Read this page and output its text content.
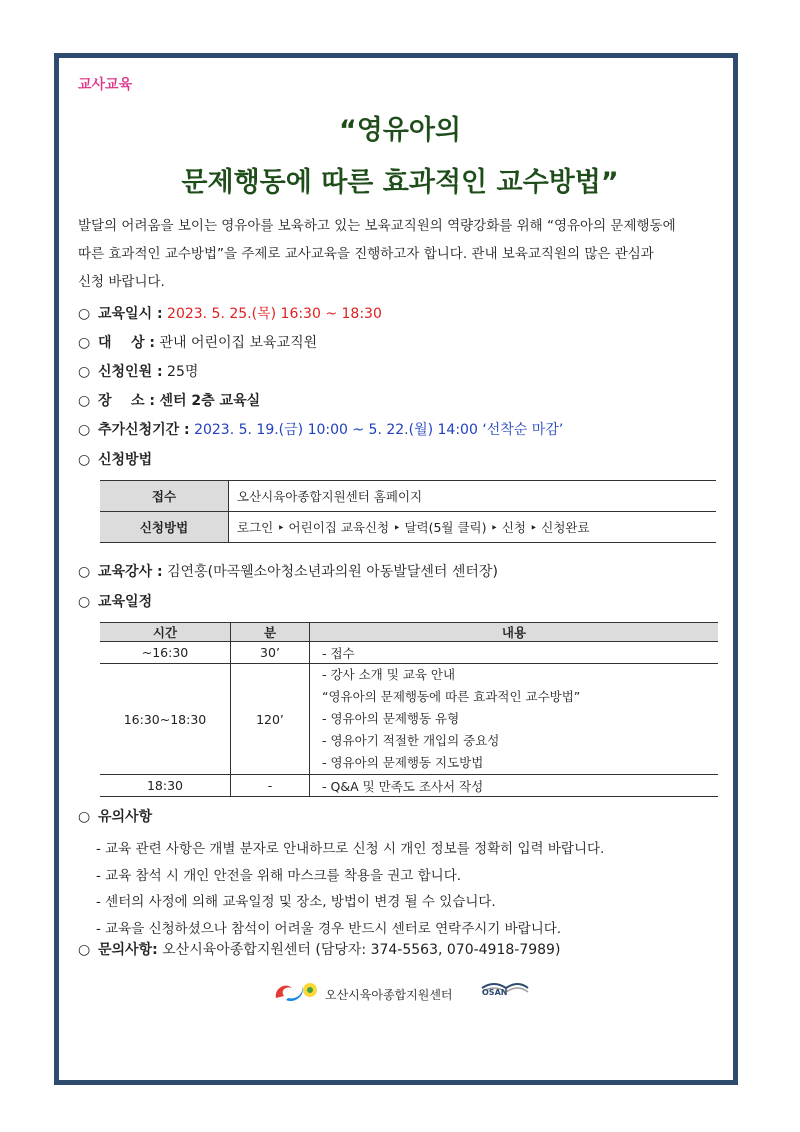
교사교육
“영유아의
문제행동에 따른 효과적인 교수방법”
발달의 어려움을 보이는 영유아를 보육하고 있는 보육교직원의 역량강화를 위해 “영유아의 문제행동에
따른 효과적인 교수방법”을 주제로 교사교육을 진행하고자 합니다. 관내 보육교직원의 많은 관심과
신청 바랍니다.
○ 교육일시 : 2023. 5. 25.(목) 16:30 ~ 18:30
○ 대    상 : 관내 어린이집 보육교직원
○ 신청인원 : 25명
○ 장    소 : 센터 2층 교육실
○ 추가신청기간 : 2023. 5. 19.(금) 10:00 ~ 5. 22.(월) 14:00 ‘선착순 마감’
○ 신청방법
접수	오산시육아종합지원센터 홈페이지
신청방법	로그인 ‣ 어린이집 교육신청 ‣ 달력(5월 클릭) ‣ 신청 ‣ 신청완료
○ 교육강사 : 김연홍(마곡웰소아청소년과의원 아동발달센터 센터장)
○ 교육일정
시간	분	내용
~16:30	30’	- 접수
16:30~18:30	120’	- 강사 소개 및 교육 안내
“영유아의 문제행동에 따른 효과적인 교수방법”
- 영유아의 문제행동 유형
- 영유아기 적절한 개입의 중요성
- 영유아의 문제행동 지도방법

18:30	-	- Q&A 및 만족도 조사서 작성
○ 유의사항
- 교육 관련 사항은 개별 분자로 안내하므로 신청 시 개인 정보를 정확히 입력 바랍니다.
- 교육 참석 시 개인 안전을 위해 마스크를 착용을 권고 합니다.
- 센터의 사정에 의해 교육일정 및 장소, 방법이 변경 될 수 있습니다.
- 교육을 신청하셨으나 참석이 어려울 경우 반드시 센터로 연락주시기 바랍니다.
○ 문의사항: 오산시육아종합지원센터 (담당자: 374-5563, 070-4918-7989)
오산시육아종합지원센터	OSAN
